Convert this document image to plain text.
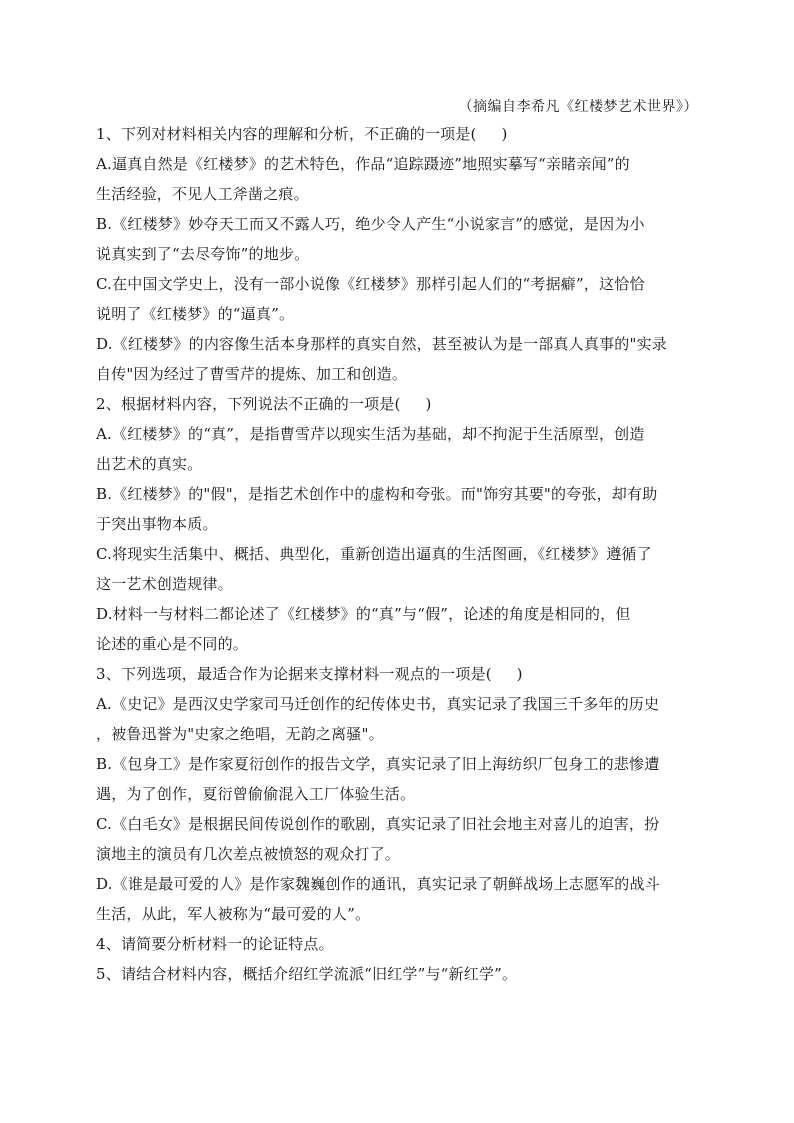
（摘编自李希凡《红楼梦艺术世界》）
1、下列对材料相关内容的理解和分析，不正确的一项是(     )
A.逼真自然是《红楼梦》的艺术特色，作品“追踪蹑迹”地照实摹写“亲睹亲闻”的
生活经验，不见人工斧凿之痕。
B.《红楼梦》妙夺天工而又不露人巧，绝少令人产生“小说家言”的感觉，是因为小
说真实到了“去尽夸饰”的地步。
C.在中国文学史上，没有一部小说像《红楼梦》那样引起人们的“考据癖”，这恰恰
说明了《红楼梦》的“逼真”。
D.《红楼梦》的内容像生活本身那样的真实自然，甚至被认为是一部真人真事的"实录
自传"因为经过了曹雪芹的提炼、加工和创造。
2、根据材料内容，下列说法不正确的一项是(     )
A.《红楼梦》的“真”，是指曹雪芹以现实生活为基础，却不拘泥于生活原型，创造
出艺术的真实。
B.《红楼梦》的"假"，是指艺术创作中的虚构和夸张。而"饰穷其要"的夸张，却有助
于突出事物本质。
C.将现实生活集中、概括、典型化，重新创造出逼真的生活图画，《红楼梦》遵循了
这一艺术创造规律。
D.材料一与材料二都论述了《红楼梦》的“真”与“假”，论述的角度是相同的，但
论述的重心是不同的。
3、下列选项，最适合作为论据来支撑材料一观点的一项是(     )
A.《史记》是西汉史学家司马迁创作的纪传体史书，真实记录了我国三千多年的历史
，被鲁迅誉为"史家之绝唱，无韵之离骚"。
B.《包身工》是作家夏衍创作的报告文学，真实记录了旧上海纺织厂包身工的悲惨遭
遇，为了创作，夏衍曾偷偷混入工厂体验生活。
C.《白毛女》是根据民间传说创作的歌剧，真实记录了旧社会地主对喜儿的迫害，扮
演地主的演员有几次差点被愤怒的观众打了。
D.《谁是最可爱的人》是作家魏巍创作的通讯，真实记录了朝鲜战场上志愿军的战斗
生活，从此，军人被称为“最可爱的人”。
4、请简要分析材料一的论证特点。
5、请结合材料内容，概括介绍红学流派“旧红学”与“新红学”。
